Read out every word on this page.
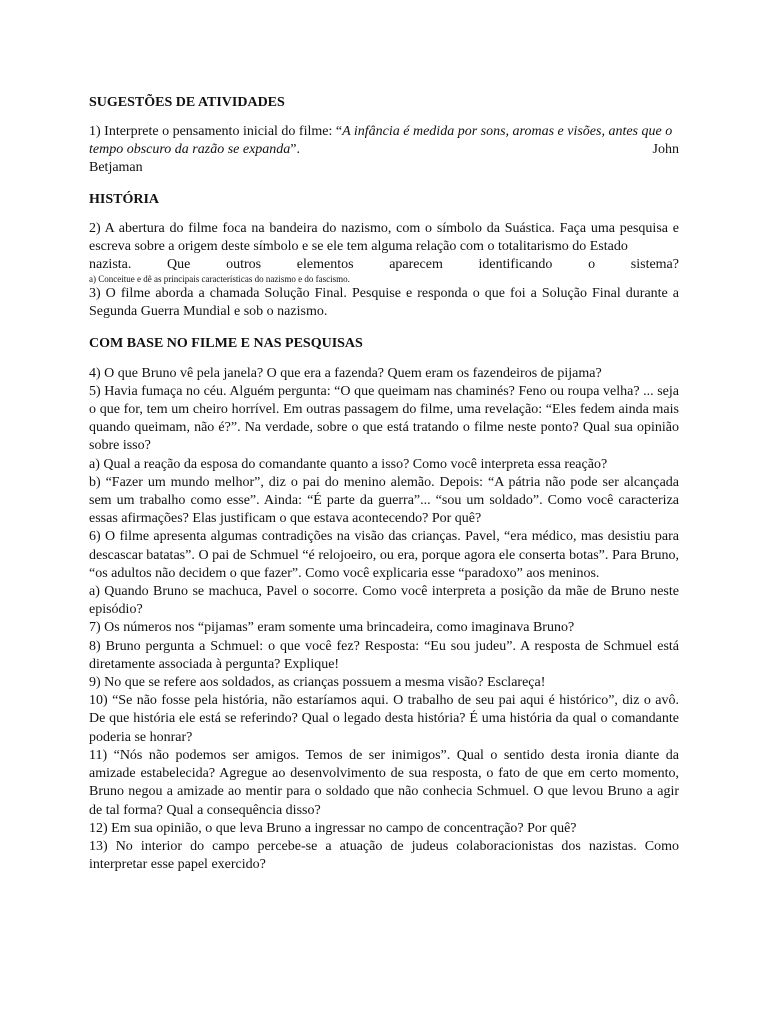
SUGESTÕES DE ATIVIDADES

1) Interprete o pensamento inicial do filme: “A infância é medida por sons, aromas e visões, antes que o tempo obscuro da razão se expanda”.	John

Betjaman

HISTÓRIA

2) A abertura do filme foca na bandeira do nazismo, com o símbolo da Suástica. Faça uma pesquisa e escreva sobre a origem deste símbolo e se ele tem alguma relação com o totalitarismo do Estado

nazista. Que outros elementos aparecem identificando o sistema?

a) Conceitue e dê as principais características do nazismo e do fascismo.

3) O filme aborda a chamada Solução Final. Pesquise e responda o que foi a Solução Final durante a Segunda Guerra Mundial e sob o nazismo.

COM BASE NO FILME E NAS PESQUISAS

4) O que Bruno vê pela janela? O que era a fazenda? Quem eram os fazendeiros de pijama?

5) Havia fumaça no céu. Alguém pergunta: “O que queimam nas chaminés? Feno ou roupa velha? ... seja o que for, tem um cheiro horrível. Em outras passagem do filme, uma revelação: “Eles fedem ainda mais quando queimam, não é?”. Na verdade, sobre o que está tratando o filme neste ponto? Qual sua opinião sobre isso?

a) Qual a reação da esposa do comandante quanto a isso? Como você interpreta essa reação?

b) “Fazer um mundo melhor”, diz o pai do menino alemão. Depois: “A pátria não pode ser alcançada sem um trabalho como esse”. Ainda: “É parte da guerra”... “sou um soldado”. Como você caracteriza essas afirmações? Elas justificam o que estava acontecendo? Por quê?

6) O filme apresenta algumas contradições na visão das crianças. Pavel, “era médico, mas desistiu para descascar batatas”. O pai de Schmuel “é relojoeiro, ou era, porque agora ele conserta botas”. Para Bruno, “os adultos não decidem o que fazer”. Como você explicaria esse “paradoxo” aos meninos.

a) Quando Bruno se machuca, Pavel o socorre. Como você interpreta a posição da mãe de Bruno neste episódio?

7) Os números nos “pijamas” eram somente uma brincadeira, como imaginava Bruno?

8) Bruno pergunta a Schmuel: o que você fez? Resposta: “Eu sou judeu”. A resposta de Schmuel está diretamente associada à pergunta? Explique!

9) No que se refere aos soldados, as crianças possuem a mesma visão? Esclareça!

10) “Se não fosse pela história, não estaríamos aqui. O trabalho de seu pai aqui é histórico”, diz o avô. De que história ele está se referindo? Qual o legado desta história? É uma história da qual o comandante poderia se honrar?

11) “Nós não podemos ser amigos. Temos de ser inimigos”. Qual o sentido desta ironia diante da amizade estabelecida? Agregue ao desenvolvimento de sua resposta, o fato de que em certo momento, Bruno negou a amizade ao mentir para o soldado que não conhecia Schmuel. O que levou Bruno a agir de tal forma? Qual a consequência disso?

12) Em sua opinião, o que leva Bruno a ingressar no campo de concentração? Por quê?

13) No interior do campo percebe-se a atuação de judeus colaboracionistas dos nazistas. Como interpretar esse papel exercido?
